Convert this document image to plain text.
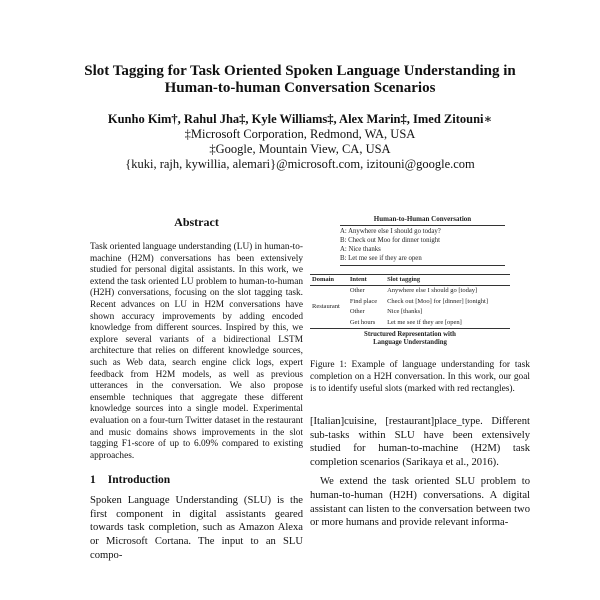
Slot Tagging for Task Oriented Spoken Language Understanding in
Human-to-human Conversation Scenarios
Kunho Kim†, Rahul Jha‡, Kyle Williams‡, Alex Marin‡, Imed Zitouni∗
‡Microsoft Corporation, Redmond, WA, USA
‡Google, Mountain View, CA, USA
{kuki, rajh, kywillia, alemari}@microsoft.com, izitouni@google.com
Abstract

Task oriented language understanding (LU) in human-to-machine (H2M) conversations has been extensively studied for personal digital assistants. In this work, we extend the task oriented LU problem to human-to-human (H2H) conversations, focusing on the slot tagging task. Recent advances on LU in H2M conversations have shown accuracy improvements by adding encoded knowledge from different sources. Inspired by this, we explore several variants of a bidirectional LSTM architecture that relies on different knowledge sources, such as Web data, search engine click logs, expert feedback from H2M models, as well as previous utterances in the conversation. We also propose ensemble techniques that aggregate these different knowledge sources into a single model. Experimental evaluation on a four-turn Twitter dataset in the restaurant and music domains shows improvements in the slot tagging F1-score of up to 6.09% compared to existing approaches.

1 Introduction

Spoken Language Understanding (SLU) is the first component in digital assistants geared towards task completion, such as Amazon Alexa or Microsoft Cortana. The input to an SLU compo-

Human-to-Human Conversation
A: Anywhere else I should go today?
B: Check out Moo for dinner tonight
A: Nice thanks
B: Let me see if they are open
Domain	Intent	Slot tagging
Restaurant	Other	Anywhere else I should go [today]
	Find place	Check out [Moo] for [dinner] [tonight]
	Other	Nice [thanks]
	Get hours	Let me see if they are [open]
Structured Representation with
Language Understanding

Figure 1: Example of language understanding for task completion on a H2H conversation. In this work, our goal is to identify useful slots (marked with red rectangles).

[Italian]cuisine, [restaurant]place_type. Different sub-tasks within SLU have been extensively studied for human-to-machine (H2M) task completion scenarios (Sarikaya et al., 2016).

We extend the task oriented SLU problem to human-to-human (H2H) conversations. A digital assistant can listen to the conversation between two or more humans and provide relevant informa-
